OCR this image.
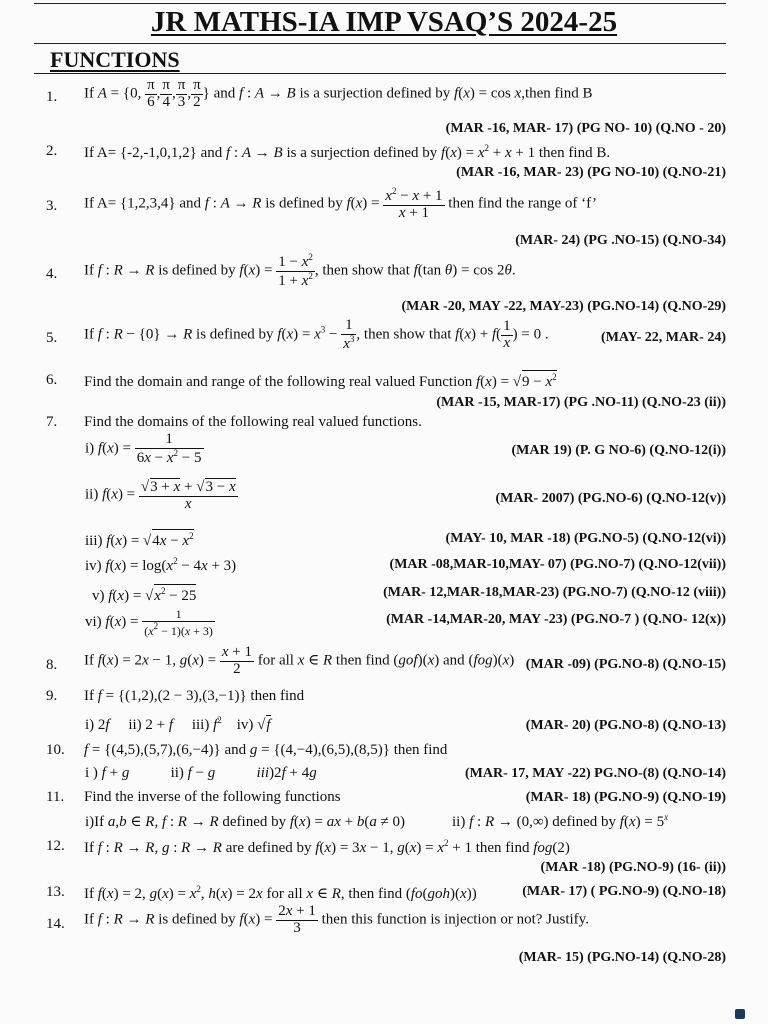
JR MATHS-IA IMP VSAQ’S 2024-25
FUNCTIONS
1. If A = {0, $\frac{\pi}{6}$ , $\frac{\pi}{4}$ , $\frac{\pi}{3}$ , $\frac{\pi}{2}$ } and f : A → B is a surjection defined by f(x) = cos x,then find B
(MAR -16, MAR- 17) (PG NO- 10) (Q.NO - 20)
2. If A= {-2,-1,0,1,2} and f : A → B is a surjection defined by $f(x) = x^2 + x + 1$ then find B.
(MAR -16, MAR- 23) (PG NO-10) (Q.NO-21)
3. If A= {1,2,3,4} and f : A → R is defined by $f(x) = \frac{x^2 - x + 1}{x + 1}$ then find the range of ‘f’
(MAR- 24) (PG .NO-15) (Q.NO-34)
4. If f : R → R is defined by $f(x) = \frac{1 - x^2}{1 + x^2}$ , then show that f(tan θ) = cos 2θ.
(MAR -20, MAY -22, MAY-23) (PG.NO-14) (Q.NO-29)
5. If f : R − {0} → R is defined by $f(x) = x^3 - \frac{1}{x^3}$ , then show that $f(x) + f( \frac{1}{x}$ ) = 0 .	(MAY- 22, MAR- 24)
6. Find the domain and range of the following real valued Function $f(x) = √9 - x^2$
(MAR -15, MAR-17) (PG .NO-11) (Q.NO-23 (ii))
7. Find the domains of the following real valued functions.
i) $f(x) = \frac{1}{6x - x^2 - 5}$	(MAR 19) (P. G NO-6) (Q.NO-12(i))
ii) $f(x) = \frac{√3 + x + √3 - x}{x}$	(MAR- 2007) (PG.NO-6) (Q.NO-12(v))
iii) $f(x) = √4x - x^2$	(MAY- 10, MAR -18) (PG.NO-5) (Q.NO-12(vi))
iv) $f(x) = \log(x^2 - 4x + 3)$	(MAR -08,MAR-10,MAY- 07) (PG.NO-7) (Q.NO-12(vii))
v) $f(x) = √x^2 - 25$	(MAR- 12,MAR-18,MAR-23) (PG.NO-7) (Q.NO-12 (viii))
vi) $f(x) = \frac{1}{(x^2 - 1)(x + 3)}$	(MAR -14,MAR-20, MAY -23) (PG.NO-7 ) (Q.NO- 12(x))
8. If f(x) = 2x − 1, $g(x) = \frac{x + 1}{2}$ for all x ∈ R then find (gof)(x) and (fog)(x) (MAR -09) (PG.NO-8) (Q.NO-15)
9. If f = {(1,2),(2 − 3),(3,−1)} then find
i) 2f     ii) 2 + f     iii) $f^2$    iv) √f	(MAR- 20) (PG.NO-8) (Q.NO-13)
10. f = {(4,5),(5,7),(6,−4)} and g = {(4,−4),(6,5),(8,5)} then find
i ) f + g           ii) f − g	iii)2f + 4g	(MAR- 17, MAY -22) PG.NO-(8) (Q.NO-14)
11. Find the inverse of the following functions	(MAR- 18) (PG.NO-9) (Q.NO-19)
i)If a,b ∈ R, f : R → R defined by f(x) = ax + b(a ≠ 0)	ii) f : R → (0,∞) defined by $f(x) = 5^x$
12. If f : R → R, g : R → R are defined by f(x) = 3x − 1, $g(x) = x^2 + 1$ then find fog(2)
(MAR -18) (PG.NO-9) (16- (ii))
13. If f(x) = 2, $g(x) = x^2$, h(x) = 2x for all x ∈ R, then find (fo(goh)(x))	(MAR- 17) ( PG.NO-9) (Q.NO-18)
14. If f : R → R is defined by $f(x) = \frac{2x + 1}{3}$ then this function is injection or not? Justify.
(MAR- 15) (PG.NO-14) (Q.NO-28)
